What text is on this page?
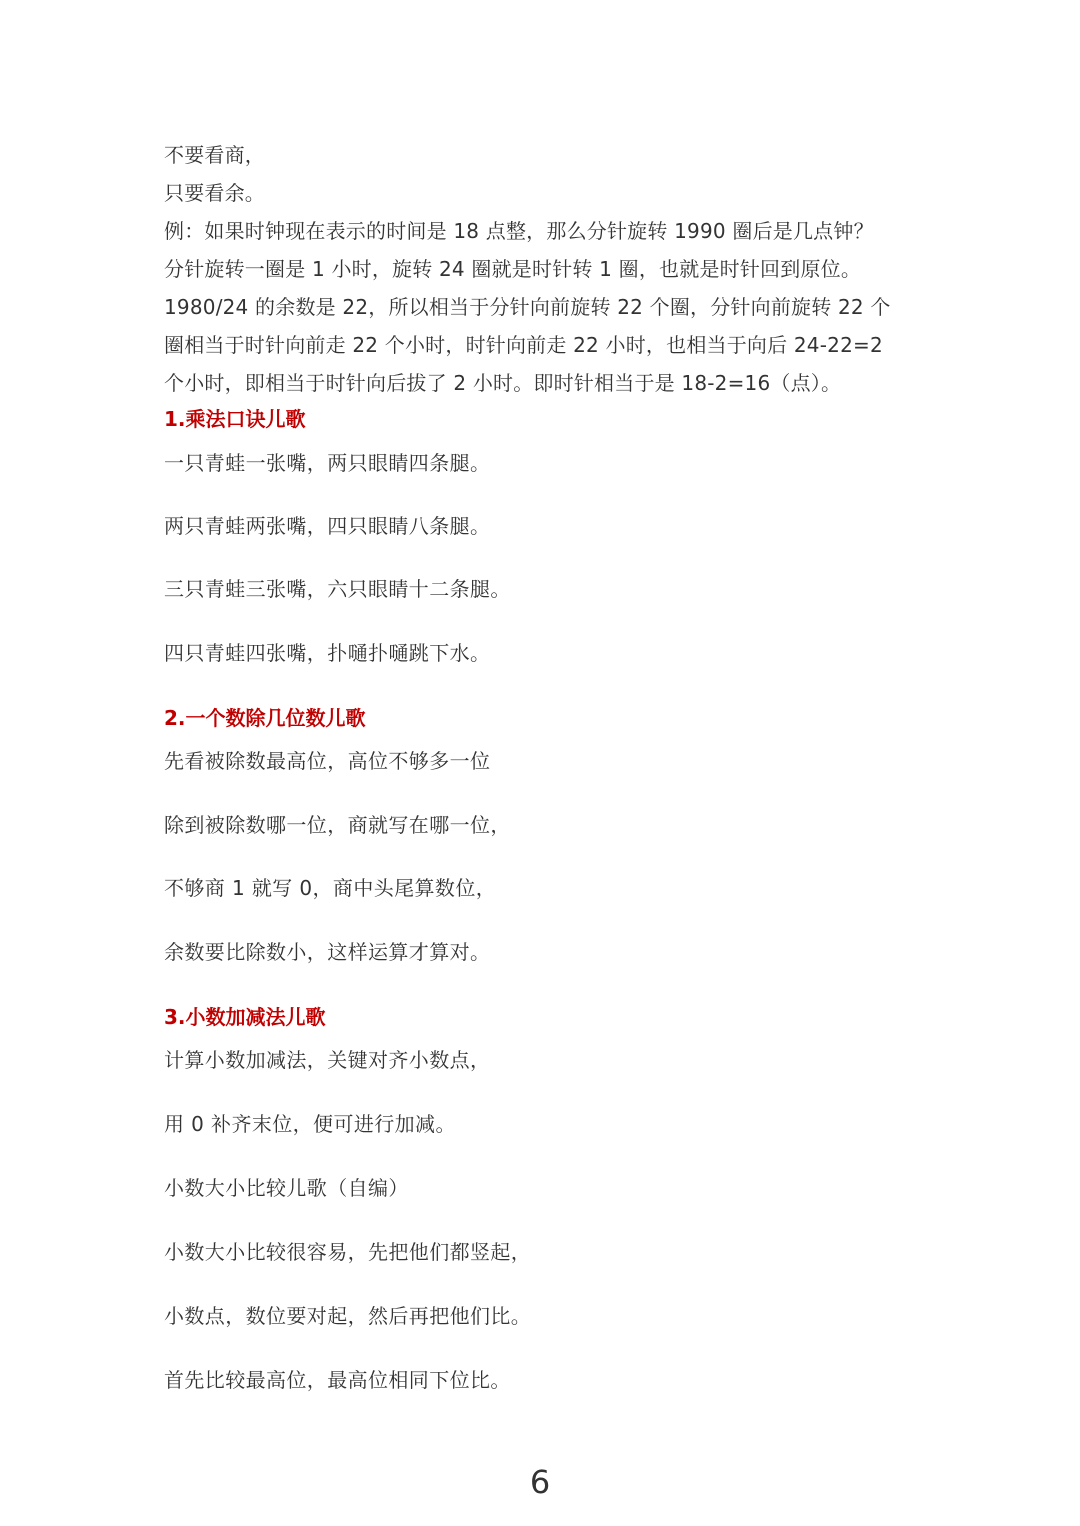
不要看商，

只要看余。

例：如果时钟现在表示的时间是 18 点整，那么分针旋转 1990 圈后是几点钟？

分针旋转一圈是 1 小时，旋转 24 圈就是时针转 1 圈，也就是时针回到原位。

1980/24 的余数是 22，所以相当于分针向前旋转 22 个圈，分针向前旋转 22 个

圈相当于时针向前走 22 个小时，时针向前走 22 小时，也相当于向后 24-22=2

个小时，即相当于时针向后拔了 2 小时。即时针相当于是 18-2=16（点）。

1.乘法口诀儿歌

一只青蛙一张嘴，两只眼睛四条腿。

两只青蛙两张嘴，四只眼睛八条腿。

三只青蛙三张嘴，六只眼睛十二条腿。

四只青蛙四张嘴，扑嗵扑嗵跳下水。

2.一个数除几位数儿歌

先看被除数最高位，高位不够多一位

除到被除数哪一位，商就写在哪一位，

不够商 1 就写 0，商中头尾算数位，

余数要比除数小，这样运算才算对。

3.小数加减法儿歌

计算小数加减法，关键对齐小数点，

用 0 补齐末位，便可进行加减。

小数大小比较儿歌（自编）

小数大小比较很容易，先把他们都竖起，

小数点，数位要对起，然后再把他们比。

首先比较最高位，最高位相同下位比。

6
